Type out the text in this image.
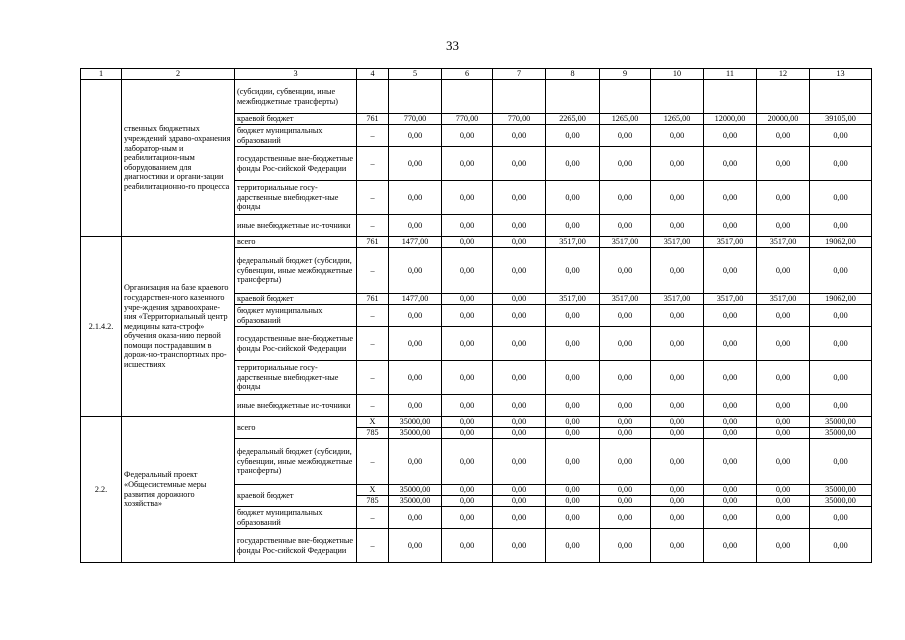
33
1	2	3	4	5	6	7	8	9	10	11	12	13
	ственных бюджетных учреждений здраво-охранения лаборатор-ным и реабилитацион-ным оборудованием для диагностики и органи-зации реабилитационно-го процесса	(субсидии, субвенции, иные межбюджетные трансферты)										
		краевой бюджет	761	770,00	770,00	770,00	2265,00	1265,00	1265,00	12000,00	20000,00	39105,00
		бюджет муниципальных образований	–	0,00	0,00	0,00	0,00	0,00	0,00	0,00	0,00	0,00
		государственные вне-бюджетные фонды Рос-сийской Федерации	–	0,00	0,00	0,00	0,00	0,00	0,00	0,00	0,00	0,00
		территориальные госу-дарственные внебюджет-ные фонды	–	0,00	0,00	0,00	0,00	0,00	0,00	0,00	0,00	0,00
		иные внебюджетные ис-точники	–	0,00	0,00	0,00	0,00	0,00	0,00	0,00	0,00	0,00
2.1.4.2.	Организация на базе краевого государствен-ного казенного учре-ждения здравоохране-ния «Территориальный центр медицины ката-строф» обучения оказа-нию первой помощи пострадавшим в дорож-но-транспортных про-исшествиях	всего	761	1477,00	0,00	0,00	3517,00	3517,00	3517,00	3517,00	3517,00	19062,00
		федеральный бюджет (субсидии, субвенции, иные межбюджетные трансферты)	–	0,00	0,00	0,00	0,00	0,00	0,00	0,00	0,00	0,00
		краевой бюджет	761	1477,00	0,00	0,00	3517,00	3517,00	3517,00	3517,00	3517,00	19062,00
		бюджет муниципальных образований	–	0,00	0,00	0,00	0,00	0,00	0,00	0,00	0,00	0,00
		государственные вне-бюджетные фонды Рос-сийской Федерации	–	0,00	0,00	0,00	0,00	0,00	0,00	0,00	0,00	0,00
		территориальные госу-дарственные внебюджет-ные фонды	–	0,00	0,00	0,00	0,00	0,00	0,00	0,00	0,00	0,00
		иные внебюджетные ис-точники	–	0,00	0,00	0,00	0,00	0,00	0,00	0,00	0,00	0,00
2.2.	Федеральный проект «Общесистемные меры развития дорожного хозяйства»	всего	X	35000,00	0,00	0,00	0,00	0,00	0,00	0,00	0,00	35000,00
			785	35000,00	0,00	0,00	0,00	0,00	0,00	0,00	0,00	35000,00
		федеральный бюджет (субсидии, субвенции, иные межбюджетные трансферты)	–	0,00	0,00	0,00	0,00	0,00	0,00	0,00	0,00	0,00
		краевой бюджет	X	35000,00	0,00	0,00	0,00	0,00	0,00	0,00	0,00	35000,00
			785	35000,00	0,00	0,00	0,00	0,00	0,00	0,00	0,00	35000,00
		бюджет муниципальных образований	–	0,00	0,00	0,00	0,00	0,00	0,00	0,00	0,00	0,00
		государственные вне-бюджетные фонды Рос-сийской Федерации	–	0,00	0,00	0,00	0,00	0,00	0,00	0,00	0,00	0,00
